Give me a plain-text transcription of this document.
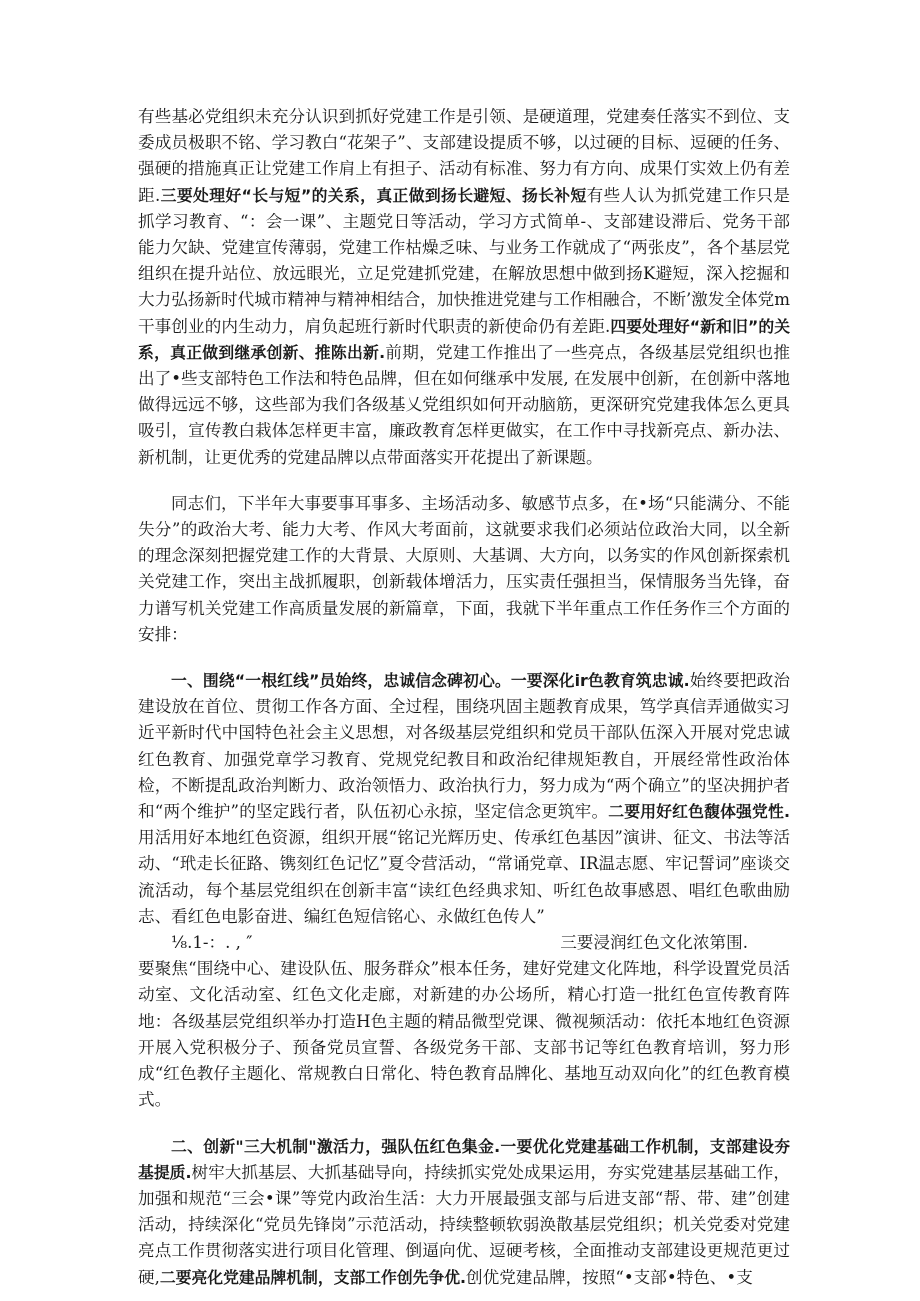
有些基必党组织未充分认识到抓好党建工作是引领、是硬道理，党建奏任落实不到位、支委成员极职不铭、学习教白“花架子”、支部建设提质不够，以过硬的目标、逗硬的任务、强硬的措施真正让党建工作肩上有担子、活动有标准、努力有方向、成果仃实效上仍有差距.三要处理好“长与短”的关系，真正做到扬长避短、扬长补短有些人认为抓党建工作只是抓学习教育、“：会一课”、主题党日等活动，学习方式简单-、支部建设滞后、党务干部能力欠缺、党建宣传薄弱，党建工作枯燥乏味、与业务工作就成了“两张皮”，各个基层党组织在提升站位、放远眼光，立足党建抓党建，在解放思想中做到扬K避短，深入挖掘和大力弘扬新时代城市精神与精神相结合，加快推进党建与工作相融合，不断’激发全体党m干事创业的内生动力，肩负起班行新时代职责的新使命仍有差距.四要处理好“新和旧”的关系，真正做到继承创新、推陈出新.前期，党建工作推出了一些亮点，各级基层党组织也推出了•些支部特色工作法和特色品牌，但在如何继承中发展, 在发展中创新，在创新中落地做得远远不够，这些部为我们各级基乂党组织如何开动脑筋，更深研究党建我体怎么更具吸引，宣传教白栽体怎样更丰富，廉政教育怎样更做实，在工作中寻找新亮点、新办法、新机制，让更优秀的党建品牌以点带面落实开花提出了新课题。

同志们，下半年大事要事耳事多、主场活动多、敏感节点多，在•场“只能满分、不能失分”的政治大考、能力大考、作风大考面前，这就要求我们必须站位政治大同，以全新的理念深刻把握党建工作的大背景、大原则、大基调、大方向，以务实的作风创新探索机关党建工作，突出主战抓履职，创新载体增活力，压实责任强担当，保情服务当先锋，奋力谱写机关党建工作高质量发展的新篇章，下面，我就下半年重点工作任务作三个方面的安排：

一、围绕“一根红线”员始终，忠诚信念碑初心。一要深化ir色教育筑忠诚.始终要把政治建设放在首位、贯彻工作各方面、全过程，围绕巩固主题教育成果，笃学真信弄通做实习近平新时代中国特色社会主义思想，对各级基层党组织和党员干部队伍深入开展对党忠诚红色教育、加强党章学习教育、党规党纪教目和政治纪律规矩教自，开展经常性政治体检，不断提乱政治判断力、政治领悟力、政治执行力，努力成为“两个确立”的坚决拥护者和“两个维护”的坚定践行者，队伍初心永掠，坚定信念更筑牢。二要用好红色馥体强党性.用活用好本地红色资源，组织开展“铭记光辉历史、传承红色基因”演讲、征文、书法等活动、“玳走长征路、镌刻红色记忆”夏令营活动，“常诵党章、IR温志愿、牢记誓词”座谈交流活动，每个基层党组织在创新丰富“读红色经典求知、听红色故事感恩、唱红色歌曲励志、看红色电影奋进、编红色短信铭心、永做红色传人”

⅛.1-：. , ″	三要浸润红色文化浓第围.

要聚焦“围绕中心、建设队伍、服务群众”根本任务，建好党建文化阵地，科学设置党员活动室、文化活动室、红色文化走廊，对新建的办公场所，精心打造一批红色宣传教育阵地：各级基层党组织举办打造H色主题的精品微型党课、微视频活动：依托本地红色资源开展入党积极分子、预备党员宣誓、各级党务干部、支部书记等红色教育培训，努力形成“红色教仔主题化、常规教白日常化、特色教育品牌化、基地互动双向化”的红色教育模式。

二、创新"三大机制"激活力，强队伍红色集金.一要优化党建基础工作机制，支部建设夯基提质.树牢大抓基层、大抓基础导向，持续抓实党处成果运用，夯实党建基层基础工作，加强和规范“三会•课”等党内政治生活：大力开展最强支部与后进支部“帮、带、建”创建活动，持续深化“党员先锋岗”示范活动，持续整顿软弱涣散基层党组织；机关党委对党建亮点工作贯彻落实进行项目化管理、倒逼向优、逗硬考核，全面推动支部建设更规范更过硬,二要亮化党建品牌机制，支部工作创先争优.创优党建品牌，按照“•支部•特色、•支
